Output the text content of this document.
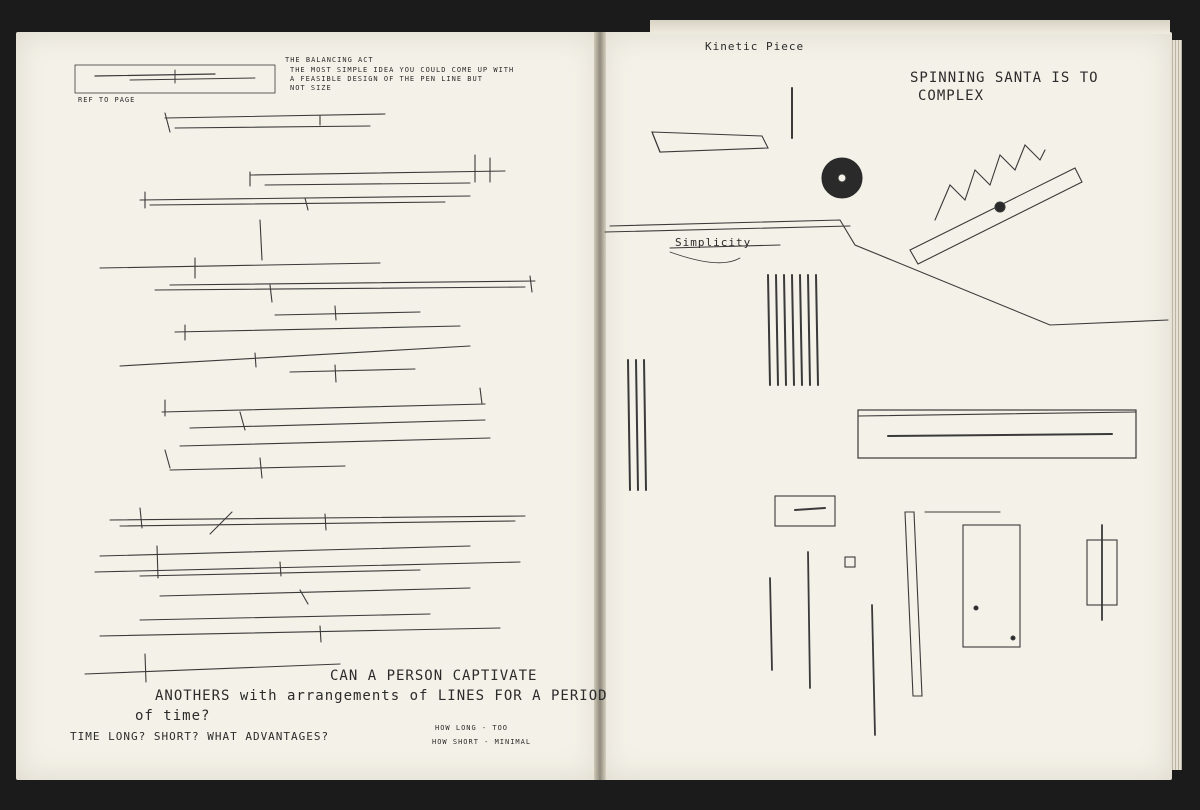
THE BALANCING ACT
THE MOST SIMPLE IDEA YOU COULD COME UP WITH
A FEASIBLE DESIGN OF THE PEN LINE BUT
NOT SIZE
REF TO PAGE
CAN A PERSON CAPTIVATE
ANOTHERS with arrangements of LINES FOR A PERIOD
of time?
TIME LONG? SHORT? WHAT ADVANTAGES?
HOW LONG - TOO
HOW SHORT - MINIMAL
Kinetic Piece
SPINNING SANTA IS TO
COMPLEX
Simplicity
